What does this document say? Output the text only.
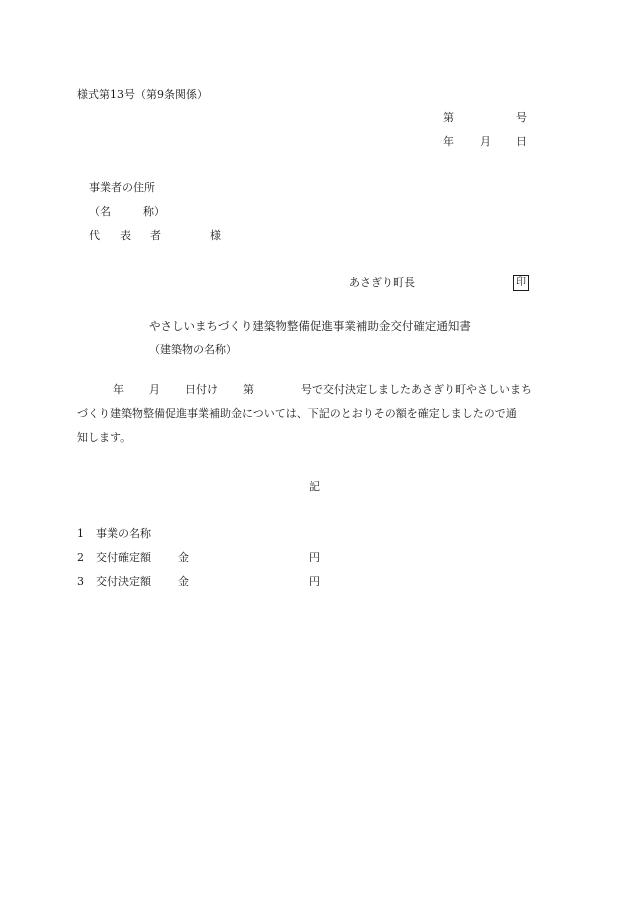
様式第13号（第9条関係）
第	号
年 月 日
事業者の住所
（名	称）
代 表 者	様
あさぎり町長	印
やさしいまちづくり建築物整備促進事業補助金交付確定通知書
（建築物の名称）
年 月 日付け 第	号で交付決定しましたあさぎり町やさしいまち
づくり建築物整備促進事業補助金については、下記のとおりその額を確定しましたので通
知します。
記
1 事業の名称
2 交付確定額 金	円
3 交付決定額 金	円
